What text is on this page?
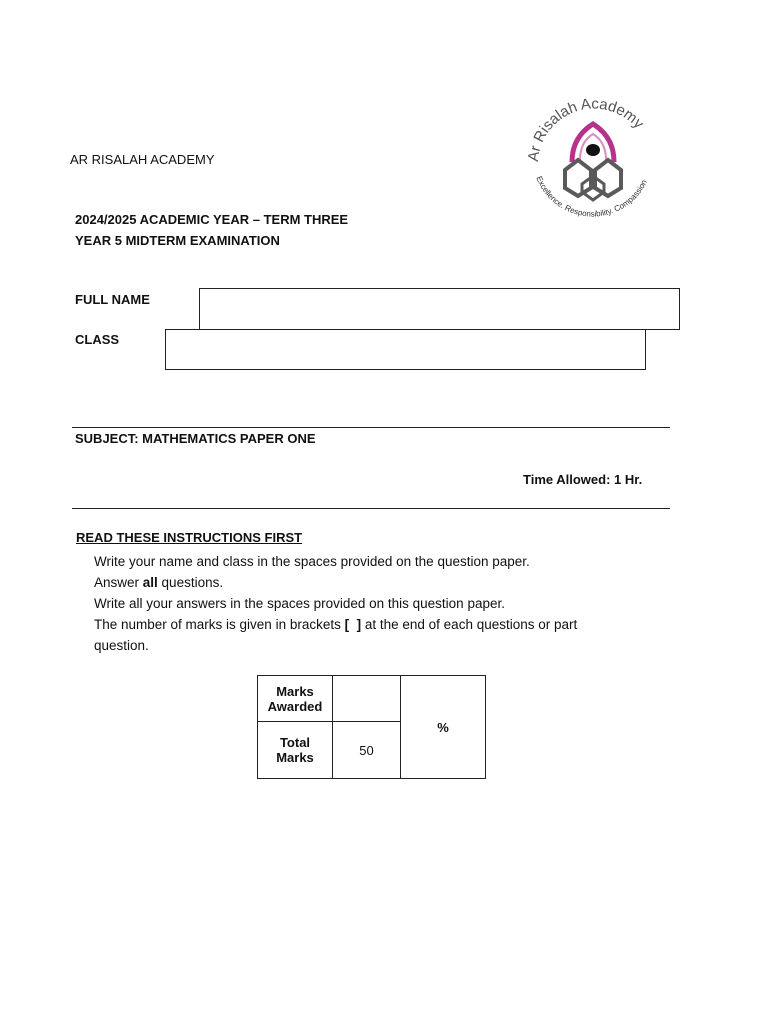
AR RISALAH ACADEMY
2024/2025 ACADEMIC YEAR – TERM THREE
YEAR 5 MIDTERM EXAMINATION
Ar Risalah Academy
Excellence. Responsibility. Compassion
FULL NAME
CLASS
SUBJECT: MATHEMATICS PAPER ONE
Time Allowed: 1 Hr.
READ THESE INSTRUCTIONS FIRST
Write your name and class in the spaces provided on the question paper.
Answer all questions.
Write all your answers in the spaces provided on this question paper.
The number of marks is given in brackets [  ] at the end of each questions or part
question.
Marks
Awarded		%

Total
Marks	50	
